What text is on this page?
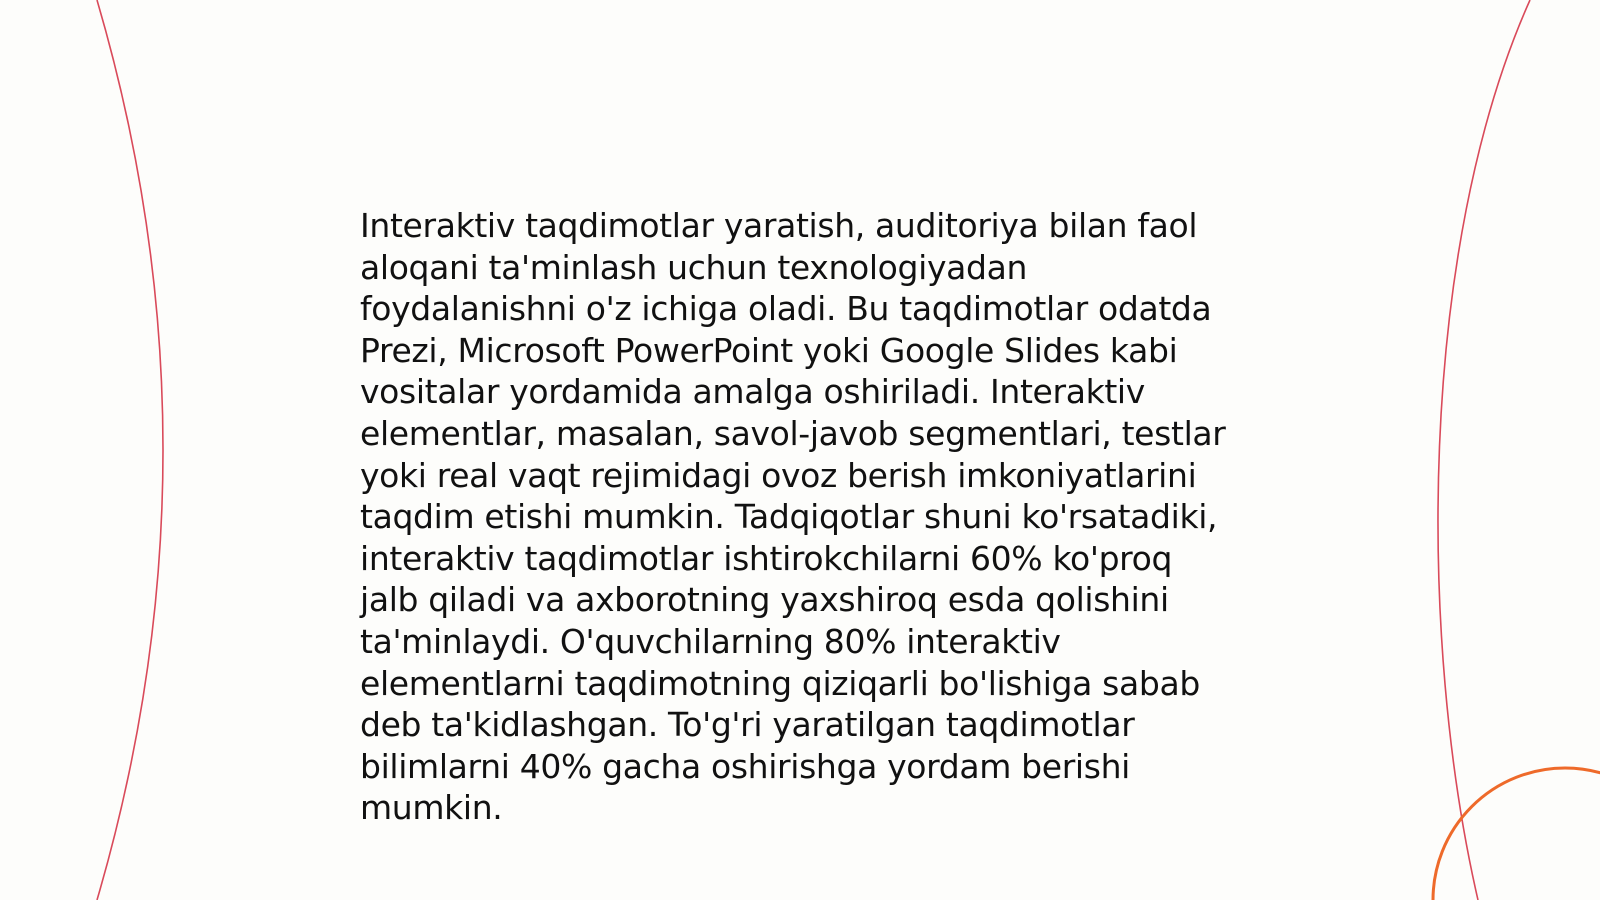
Interaktiv taqdimotlar yaratish, auditoriya bilan faol
aloqani ta'minlash uchun texnologiyadan
foydalanishni o'z ichiga oladi. Bu taqdimotlar odatda
Prezi, Microsoft PowerPoint yoki Google Slides kabi
vositalar yordamida amalga oshiriladi. Interaktiv
elementlar, masalan, savol-javob segmentlari, testlar
yoki real vaqt rejimidagi ovoz berish imkoniyatlarini
taqdim etishi mumkin. Tadqiqotlar shuni ko'rsatadiki,
interaktiv taqdimotlar ishtirokchilarni 60% ko'proq
jalb qiladi va axborotning yaxshiroq esda qolishini
ta'minlaydi. O'quvchilarning 80% interaktiv
elementlarni taqdimotning qiziqarli bo'lishiga sabab
deb ta'kidlashgan. To'g'ri yaratilgan taqdimotlar
bilimlarni 40% gacha oshirishga yordam berishi
mumkin.
